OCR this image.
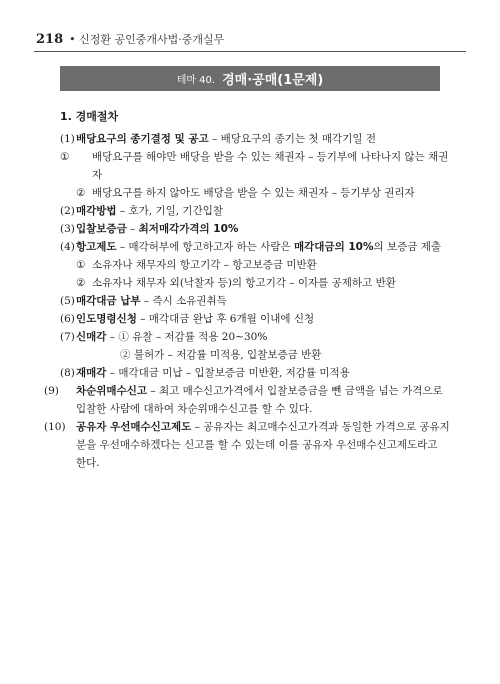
218 • 신정환 공인중개사법·중개실무
테마 40. 경매·공매(1문제)
1. 경매절차
(1)배당요구의 종기결정 및 공고 – 배당요구의 종기는 첫 매각기일 전
① 배당요구를 해야만 배당을 받을 수 있는 채권자 – 등기부에 나타나지 않는 채권자
② 배당요구를 하지 않아도 배당을 받을 수 있는 채권자 – 등기부상 권리자
(2)매각방법 – 호가, 기일, 기간입찰
(3)입찰보증금 – 최저매각가격의 10%
(4)항고제도 – 매각허부에 항고하고자 하는 사람은 매각대금의 10%의 보증금 제출
① 소유자나 채무자의 항고기각 – 항고보증금 미반환
② 소유자나 채무자 외(낙찰자 등)의 항고기각 – 이자를 공제하고 반환
(5)매각대금 납부 – 즉시 소유권취득
(6)인도명령신청 – 매각대금 완납 후 6개월 이내에 신청
(7)신매각 – ① 유찰 – 저감률 적용 20~30%
② 불허가 – 저감률 미적용, 입찰보증금 반환
(8)재매각 – 매각대금 미납 – 입찰보증금 미반환, 저감률 미적용
(9) 차순위매수신고 – 최고 매수신고가격에서 입찰보증금을 뺀 금액을 넘는 가격으로 입찰한 사람에 대하여 차순위매수신고를 할 수 있다.
(10) 공유자 우선매수신고제도 – 공유자는 최고매수신고가격과 동일한 가격으로 공유지분을 우선매수하겠다는 신고를 할 수 있는데 이를 공유자 우선매수신고제도라고 한다.
